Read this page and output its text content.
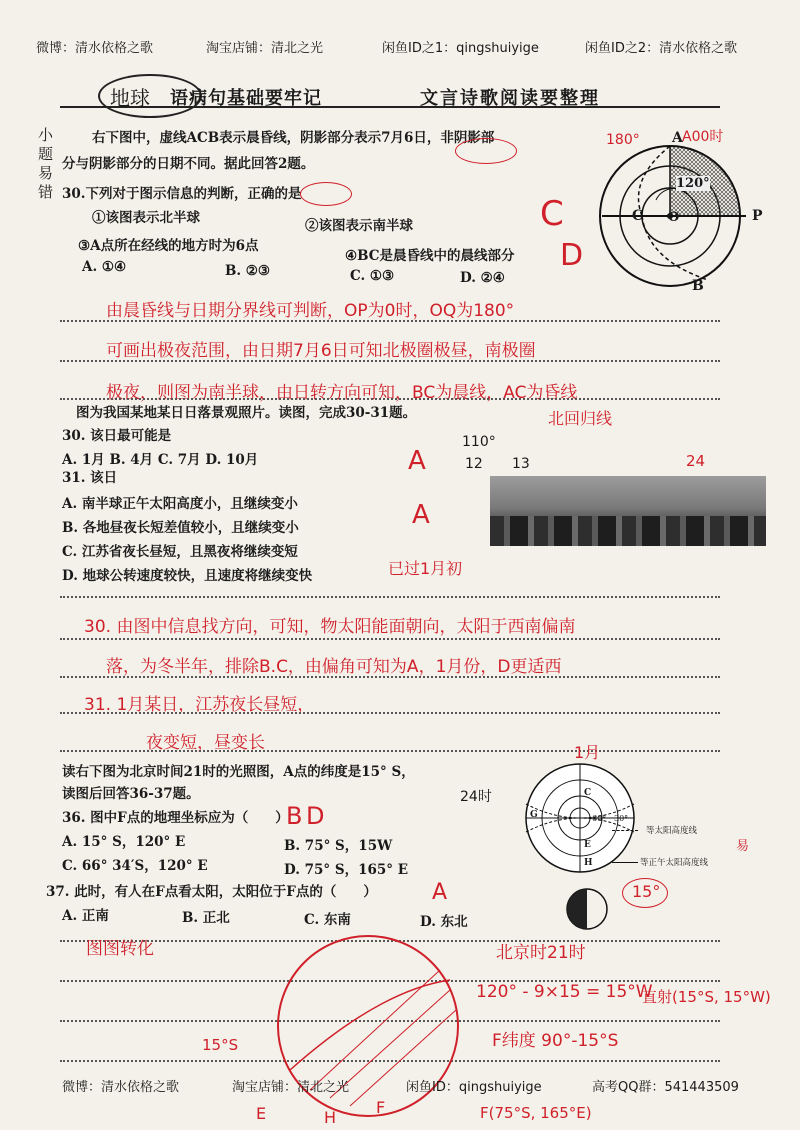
微博：清水依格之歌	淘宝店铺：清北之光	闲鱼ID之1：qingshuiyige	闲鱼ID之2：清水依格之歌
地球 语病句基础要牢记	文言诗歌阅读要整理
小题易错
右下图中，虚线ACB表示晨昏线，阴影部分表示7月6日，非阴影部
分与阴影部分的日期不同。据此回答2题。
30.下列对于图示信息的判断，正确的是
①该图表示北半球	②该图表示南半球
③A点所在经线的地方时为6点
④BC是晨昏线中的晨线部分
A. ①④	B. ②③	C. ①③	D. ②④
A
C O	P
B
120°
A00时
180°
C
D
由晨昏线与日期分界线可判断，OP为0时，OQ为180°
可画出极夜范围，由日期7月6日可知北极圈极昼，南极圈
极夜，则图为南半球，由日转方向可知，BC为晨线，AC为昏线
图为我国某地某日日落景观照片。读图，完成30-31题。	北回归线
30. 该日最可能是
A. 1月 B. 4月 C. 7月 D. 10月
31. 该日
A. 南半球正午太阳高度小，且继续变小
B. 各地昼夜长短差值较小，且继续变小
C. 江苏省夜长昼短，且黑夜将继续变短
D. 地球公转速度较快，且速度将继续变快
A
A
已过1月初
110°
12 13	24
30. 由图中信息找方向，可知，物太阳能面朝向，太阳于西南偏南
落，为冬半年，排除B.C，由偏角可知为A，1月份，D更适西
31. 1月某日，江苏夜长昼短，
夜变短，昼变长
读右下图为北京时间21时的光照图，A点的纬度是15° S，
读图后回答36-37题。
36. 图中F点的地理坐标应为（　　）
A. 15° S，120° E	B. 75° S，15W
C. 66° 34′S，120° E	D. 75° S，165° E
37. 此时，有人在F点看太阳，太阳位于F点的（　　）
A. 正南	B. 正北	C. 东南	D. 东北
D
B
A
24时
1月
C
G
E
H
60° 30°
等太阳高度线
等正午太阳高度线
易
15°
图图转化	北京时21时
120° - 9×15 = 15°W
直射(15°S, 15°W)
F纬度 90°-15°S
F(75°S, 165°E)
15°S
E	F
H
微博：清水依格之歌	淘宝店铺：清北之光	闲鱼ID：qingshuiyige	高考QQ群：541443509
